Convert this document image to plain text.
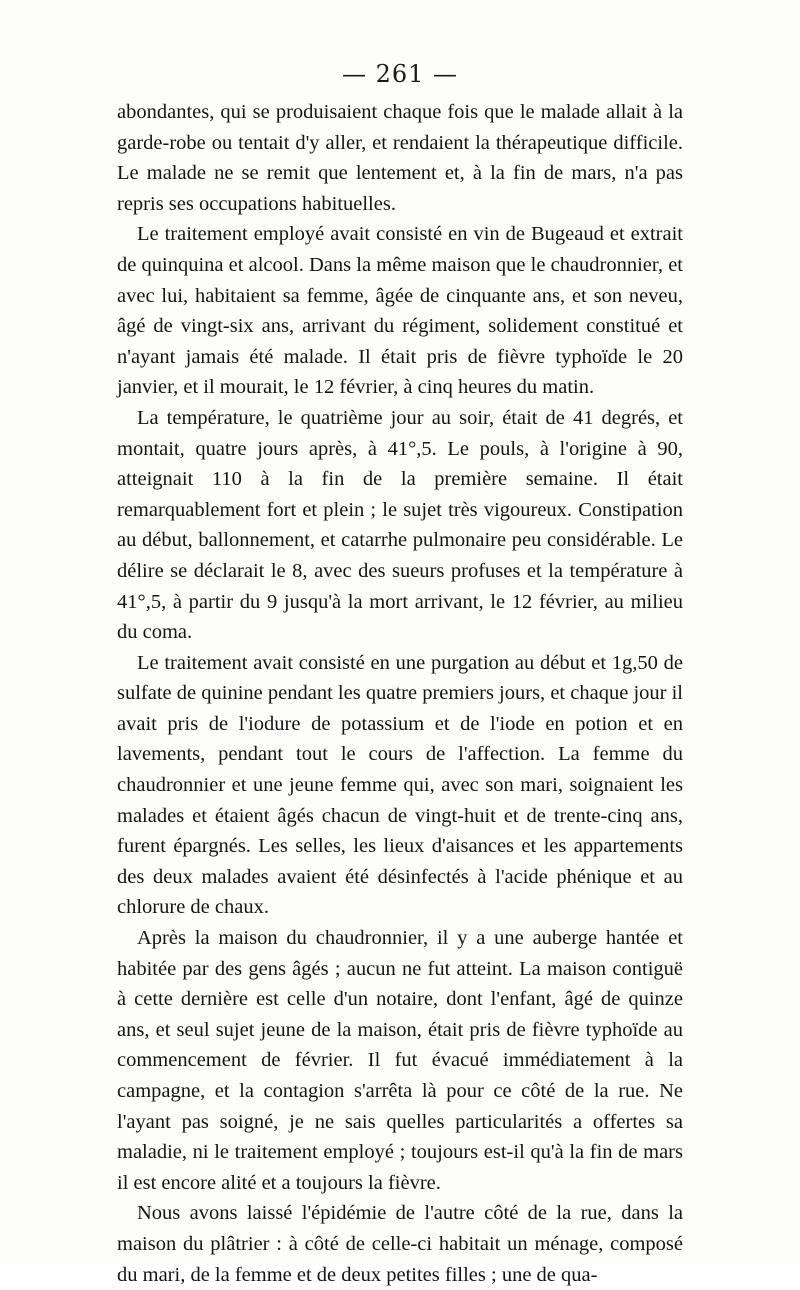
— 261 —

abondantes, qui se produisaient chaque fois que le malade allait à la garde-robe ou tentait d'y aller, et rendaient la thérapeutique difficile. Le malade ne se remit que lentement et, à la fin de mars, n'a pas repris ses occupations habituelles.

Le traitement employé avait consisté en vin de Bugeaud et extrait de quinquina et alcool. Dans la même maison que le chaudronnier, et avec lui, habitaient sa femme, âgée de cinquante ans, et son neveu, âgé de vingt-six ans, arrivant du régiment, solidement constitué et n'ayant jamais été malade. Il était pris de fièvre typhoïde le 20 janvier, et il mourait, le 12 février, à cinq heures du matin.

La température, le quatrième jour au soir, était de 41 degrés, et montait, quatre jours après, à 41°,5. Le pouls, à l'origine à 90, atteignait 110 à la fin de la première semaine. Il était remarquablement fort et plein ; le sujet très vigoureux. Constipation au début, ballonnement, et catarrhe pulmonaire peu considérable. Le délire se déclarait le 8, avec des sueurs profuses et la température à 41°,5, à partir du 9 jusqu'à la mort arrivant, le 12 février, au milieu du coma.

Le traitement avait consisté en une purgation au début et 1g,50 de sulfate de quinine pendant les quatre premiers jours, et chaque jour il avait pris de l'iodure de potassium et de l'iode en potion et en lavements, pendant tout le cours de l'affection. La femme du chaudronnier et une jeune femme qui, avec son mari, soignaient les malades et étaient âgés chacun de vingt-huit et de trente-cinq ans, furent épargnés. Les selles, les lieux d'aisances et les appartements des deux malades avaient été désinfectés à l'acide phénique et au chlorure de chaux.

Après la maison du chaudronnier, il y a une auberge hantée et habitée par des gens âgés ; aucun ne fut atteint. La maison contiguë à cette dernière est celle d'un notaire, dont l'enfant, âgé de quinze ans, et seul sujet jeune de la maison, était pris de fièvre typhoïde au commencement de février. Il fut évacué immédiatement à la campagne, et la contagion s'arrêta là pour ce côté de la rue. Ne l'ayant pas soigné, je ne sais quelles particularités a offertes sa maladie, ni le traitement employé ; toujours est-il qu'à la fin de mars il est encore alité et a toujours la fièvre.

Nous avons laissé l'épidémie de l'autre côté de la rue, dans la maison du plâtrier : à côté de celle-ci habitait un ménage, composé du mari, de la femme et de deux petites filles ; une de qua-
